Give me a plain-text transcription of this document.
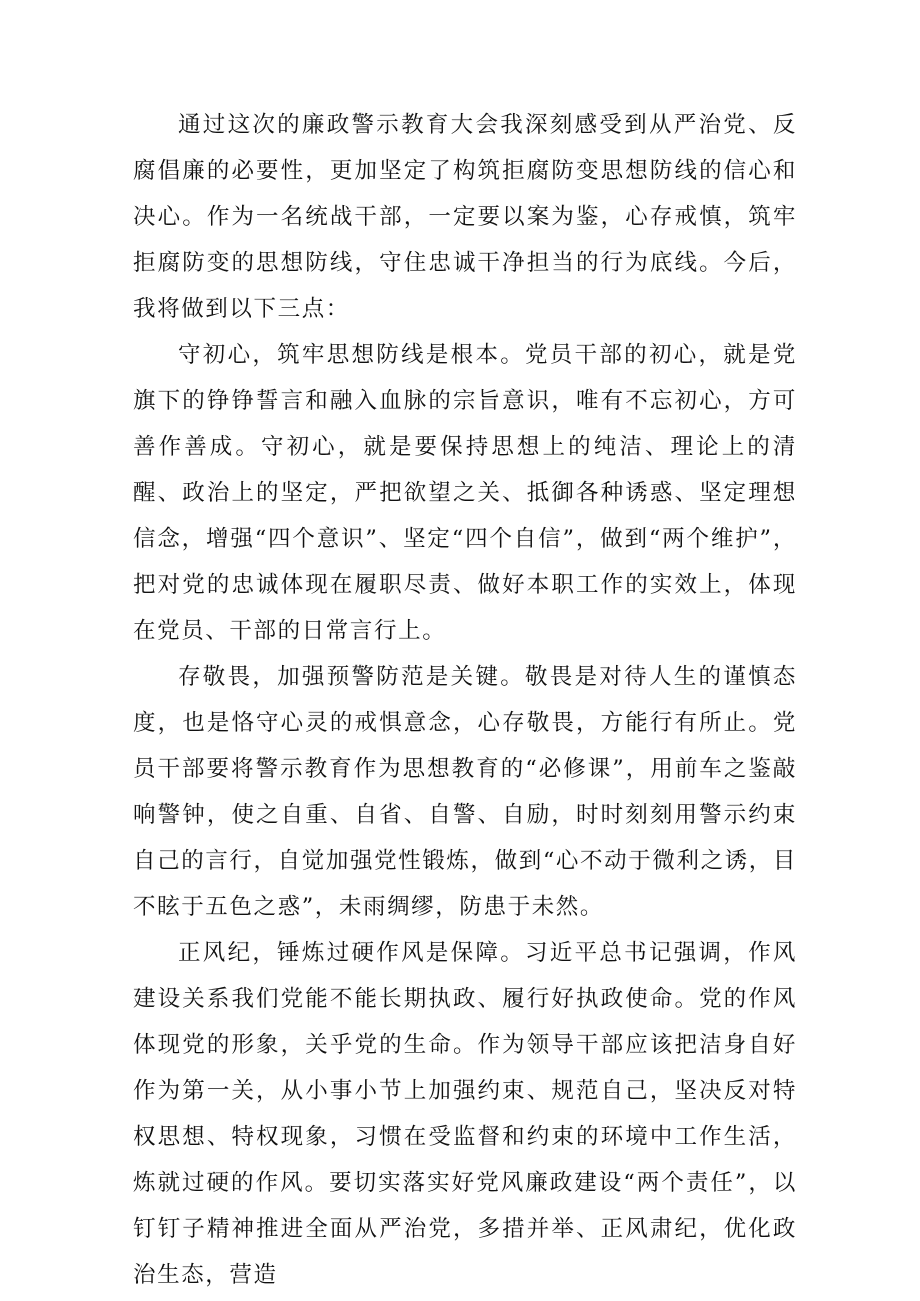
通过这次的廉政警示教育大会我深刻感受到从严治党、反腐倡廉的必要性，更加坚定了构筑拒腐防变思想防线的信心和决心。作为一名统战干部，一定要以案为鉴，心存戒慎，筑牢拒腐防变的思想防线，守住忠诚干净担当的行为底线。今后，我将做到以下三点：

守初心，筑牢思想防线是根本。党员干部的初心，就是党旗下的铮铮誓言和融入血脉的宗旨意识，唯有不忘初心，方可善作善成。守初心，就是要保持思想上的纯洁、理论上的清醒、政治上的坚定，严把欲望之关、抵御各种诱惑、坚定理想信念，增强“四个意识”、坚定“四个自信”，做到“两个维护”，把对党的忠诚体现在履职尽责、做好本职工作的实效上，体现在党员、干部的日常言行上。

存敬畏，加强预警防范是关键。敬畏是对待人生的谨慎态度，也是恪守心灵的戒惧意念，心存敬畏，方能行有所止。党员干部要将警示教育作为思想教育的“必修课”，用前车之鉴敲响警钟，使之自重、自省、自警、自励，时时刻刻用警示约束自己的言行，自觉加强党性锻炼，做到“心不动于微利之诱，目不眩于五色之惑”，未雨绸缪，防患于未然。

正风纪，锤炼过硬作风是保障。习近平总书记强调，作风建设关系我们党能不能长期执政、履行好执政使命。党的作风体现党的形象，关乎党的生命。作为领导干部应该把洁身自好作为第一关，从小事小节上加强约束、规范自己，坚决反对特权思想、特权现象，习惯在受监督和约束的环境中工作生活，炼就过硬的作风。要切实落实好党风廉政建设“两个责任”，以钉钉子精神推进全面从严治党，多措并举、正风肃纪，优化政治生态，营造
